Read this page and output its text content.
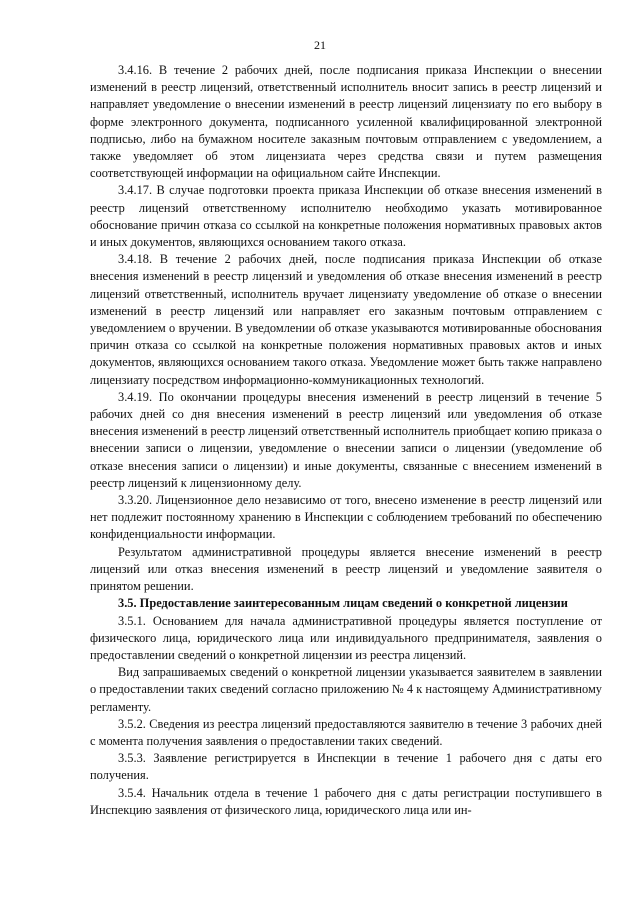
21

3.4.16. В течение 2 рабочих дней, после подписания приказа Инспекции о внесении изменений в реестр лицензий, ответственный исполнитель вносит запись в реестр лицензий и направляет уведомление о внесении изменений в реестр лицензий лицензиату по его выбору в форме электронного документа, подписанного усиленной квалифицированной электронной подписью, либо на бумажном носителе заказным почтовым отправлением с уведомлением, а также уведомляет об этом лицензиата через средства связи и путем размещения соответствующей информации на официальном сайте Инспекции.

3.4.17. В случае подготовки проекта приказа Инспекции об отказе внесения изменений в реестр лицензий ответственному исполнителю необходимо указать мотивированное обоснование причин отказа со ссылкой на конкретные положения нормативных правовых актов и иных документов, являющихся основанием такого отказа.

3.4.18. В течение 2 рабочих дней, после подписания приказа Инспекции об отказе внесения изменений в реестр лицензий и уведомления об отказе внесения изменений в реестр лицензий ответственный, исполнитель вручает лицензиату уведомление об отказе о внесении изменений в реестр лицензий или направляет его заказным почтовым отправлением с уведомлением о вручении. В уведомлении об отказе указываются мотивированные обоснования причин отказа со ссылкой на конкретные положения нормативных правовых актов и иных документов, являющихся основанием такого отказа. Уведомление может быть также направлено лицензиату посредством информационно-коммуникационных технологий.

3.4.19. По окончании процедуры внесения изменений в реестр лицензий в течение 5 рабочих дней со дня внесения изменений в реестр лицензий или уведомления об отказе внесения изменений в реестр лицензий ответственный исполнитель приобщает копию приказа о внесении записи о лицензии, уведомление о внесении записи о лицензии (уведомление об отказе внесения записи о лицензии) и иные документы, связанные с внесением изменений в реестр лицензий к лицензионному делу.

3.3.20. Лицензионное дело независимо от того, внесено изменение в реестр лицензий или нет подлежит постоянному хранению в Инспекции с соблюдением требований по обеспечению конфиденциальности информации.

Результатом административной процедуры является внесение изменений в реестр лицензий или отказ внесения изменений в реестр лицензий и уведомление заявителя о принятом решении.

3.5. Предоставление заинтересованным лицам сведений о конкретной лицензии

3.5.1. Основанием для начала административной процедуры является поступление от физического лица, юридического лица или индивидуального предпринимателя, заявления о предоставлении сведений о конкретной лицензии из реестра лицензий.

Вид запрашиваемых сведений о конкретной лицензии указывается заявителем в заявлении о предоставлении таких сведений согласно приложению № 4 к настоящему Административному регламенту.

3.5.2. Сведения из реестра лицензий предоставляются заявителю в течение 3 рабочих дней с момента получения заявления о предоставлении таких сведений.

3.5.3. Заявление регистрируется в Инспекции в течение 1 рабочего дня с даты его получения.

3.5.4. Начальник отдела в течение 1 рабочего дня с даты регистрации поступившего в Инспекцию заявления от физического лица, юридического лица или ин-
